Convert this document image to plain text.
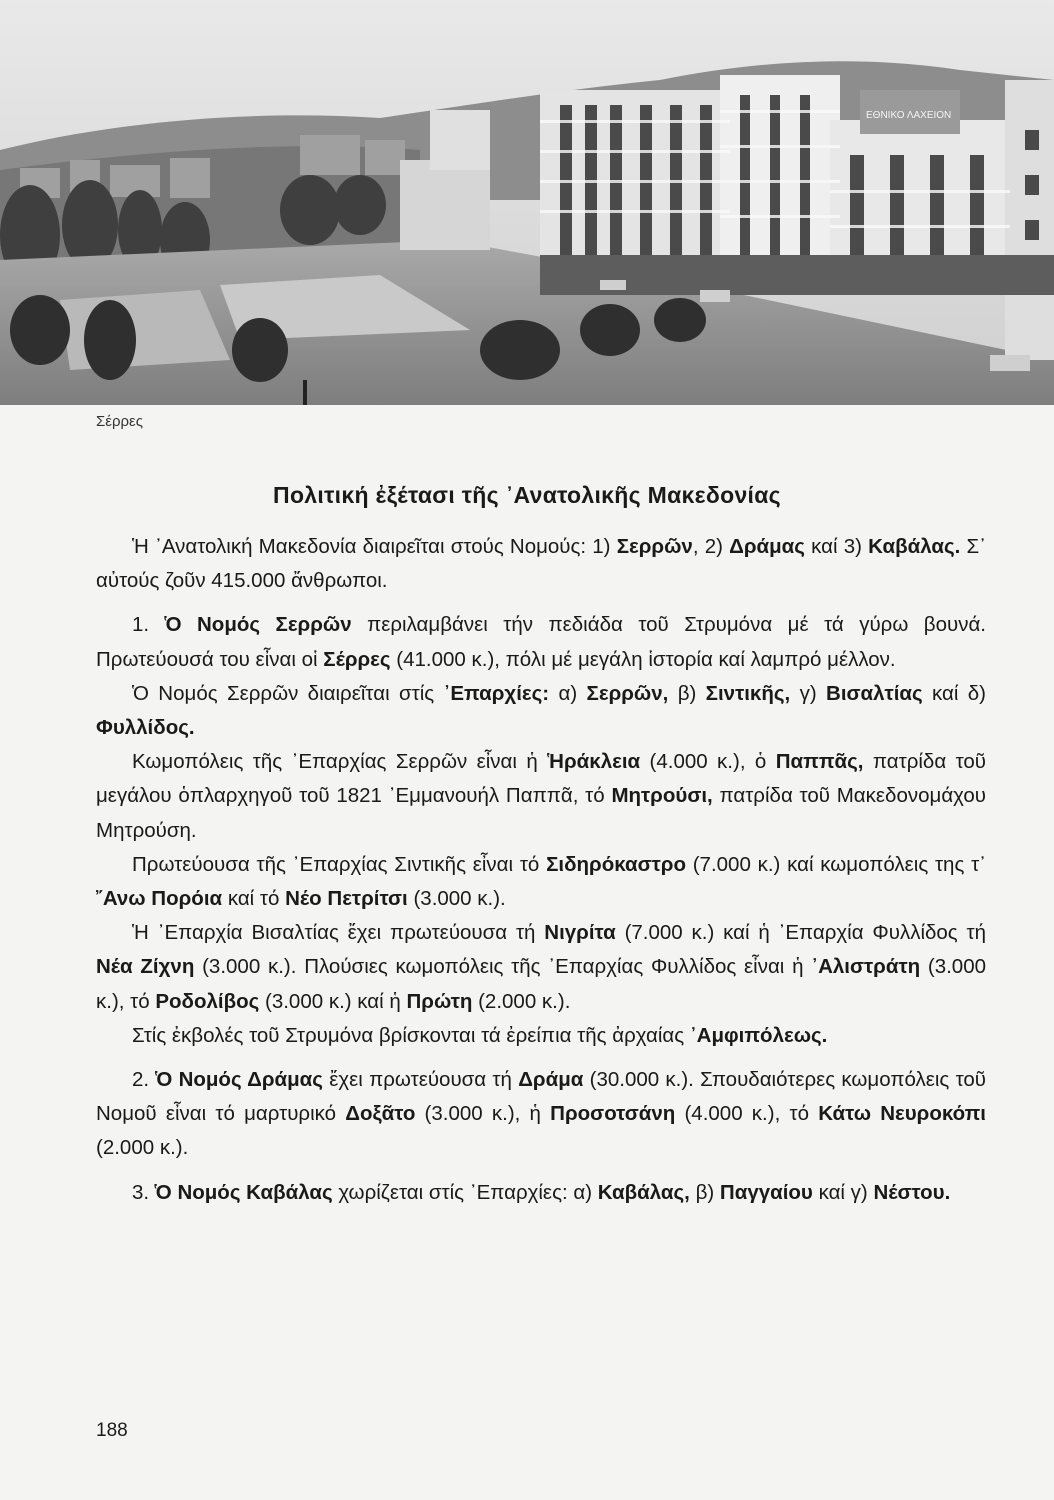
ΕΘΝΙΚΟ ΛΑΧΕΙΟΝ
Σέρρες
Πολιτική ἐξέτασι τῆς ᾿Ανατολικῆς Μακεδονίας

Ἡ ᾿Ανατολική Μακεδονία διαιρεῖται στούς Νομούς: 1) Σερρῶν, 2) Δράμας καί 3) Καβάλας. Σ᾿ αὐτούς ζοῦν 415.000 ἄνθρωποι.

1. Ὁ Νομός Σερρῶν περιλαμβάνει τήν πεδιάδα τοῦ Στρυμόνα μέ τά γύρω βουνά. Πρωτεύουσά του εἶναι οἱ Σέρρες (41.000 κ.), πόλι μέ μεγάλη ἱστορία καί λαμπρό μέλλον.

Ὁ Νομός Σερρῶν διαιρεῖται στίς ᾿Επαρχίες: α) Σερρῶν, β) Σιντικῆς, γ) Βισαλτίας καί δ) Φυλλίδος.

Κωμοπόλεις τῆς ᾿Επαρχίας Σερρῶν εἶναι ἡ Ἡράκλεια (4.000 κ.), ὁ Παππᾶς, πατρίδα τοῦ μεγάλου ὁπλαρχηγοῦ τοῦ 1821 ᾿Εμμανουήλ Παππᾶ, τό Μητρούσι, πατρίδα τοῦ Μακεδονομάχου Μητρούση.

Πρωτεύουσα τῆς ᾿Επαρχίας Σιντικῆς εἶναι τό Σιδηρόκαστρο (7.000 κ.) καί κωμοπόλεις της τ᾿ ῎Ανω Πορόια καί τό Νέο Πετρίτσι (3.000 κ.).

Ἡ ᾿Επαρχία Βισαλτίας ἔχει πρωτεύουσα τή Νιγρίτα (7.000 κ.) καί ἡ ᾿Επαρχία Φυλλίδος τή Νέα Ζίχνη (3.000 κ.). Πλούσιες κωμοπόλεις τῆς ᾿Επαρχίας Φυλλίδος εἶναι ἡ ᾿Αλιστράτη (3.000 κ.), τό Ροδολίβος (3.000 κ.) καί ἡ Πρώτη (2.000 κ.).

Στίς ἐκβολές τοῦ Στρυμόνα βρίσκονται τά ἐρείπια τῆς ἀρχαίας ᾿Αμφιπόλεως.

2. Ὁ Νομός Δράμας ἔχει πρωτεύουσα τή Δράμα (30.000 κ.). Σπουδαιότερες κωμοπόλεις τοῦ Νομοῦ εἶναι τό μαρτυρικό Δοξᾶτο (3.000 κ.), ἡ Προσοτσάνη (4.000 κ.), τό Κάτω Νευροκόπι (2.000 κ.).

3. Ὁ Νομός Καβάλας χωρίζεται στίς ᾿Επαρχίες: α) Καβάλας, β) Παγγαίου καί γ) Νέστου.

188
